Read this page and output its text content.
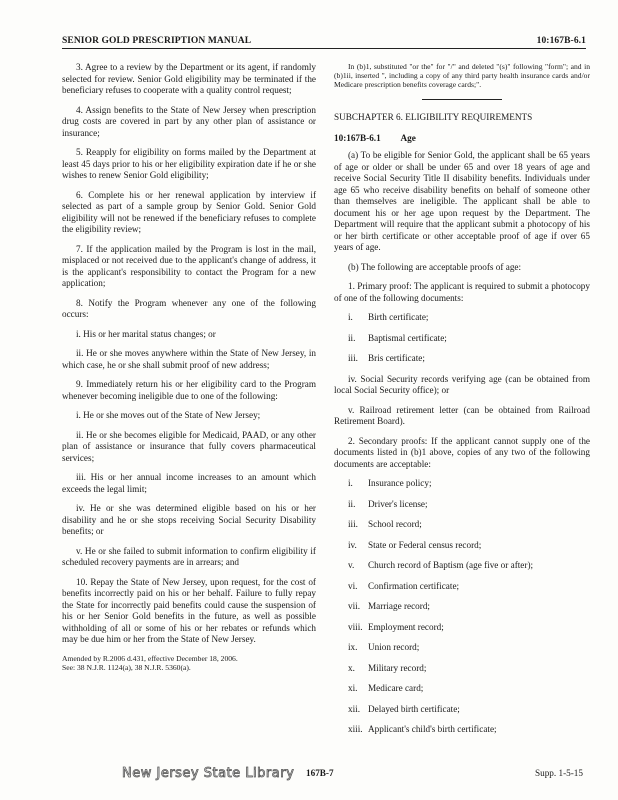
SENIOR GOLD PRESCRIPTION MANUAL	10:167B-6.1

3. Agree to a review by the Department or its agent, if randomly selected for review. Senior Gold eligibility may be terminated if the beneficiary refuses to cooperate with a quality control request;

4. Assign benefits to the State of New Jersey when prescription drug costs are covered in part by any other plan of assistance or insurance;

5. Reapply for eligibility on forms mailed by the Department at least 45 days prior to his or her eligibility expiration date if he or she wishes to renew Senior Gold eligibility;

6. Complete his or her renewal application by interview if selected as part of a sample group by Senior Gold. Senior Gold eligibility will not be renewed if the beneficiary refuses to complete the eligibility review;

7. If the application mailed by the Program is lost in the mail, misplaced or not received due to the applicant's change of address, it is the applicant's responsibility to contact the Program for a new application;

8. Notify the Program whenever any one of the following occurs:

i. His or her marital status changes; or

ii. He or she moves anywhere within the State of New Jersey, in which case, he or she shall submit proof of new address;

9. Immediately return his or her eligibility card to the Program whenever becoming ineligible due to one of the following:

i. He or she moves out of the State of New Jersey;

ii. He or she becomes eligible for Medicaid, PAAD, or any other plan of assistance or insurance that fully covers pharmaceutical services;

iii. His or her annual income increases to an amount which exceeds the legal limit;

iv. He or she was determined eligible based on his or her disability and he or she stops receiving Social Security Disability benefits; or

v. He or she failed to submit information to confirm eligibility if scheduled recovery payments are in arrears; and

10. Repay the State of New Jersey, upon request, for the cost of benefits incorrectly paid on his or her behalf. Failure to fully repay the State for incorrectly paid benefits could cause the suspension of his or her Senior Gold benefits in the future, as well as possible withholding of all or some of his or her rebates or refunds which may be due him or her from the State of New Jersey.

Amended by R.2006 d.431, effective December 18, 2006.
See: 38 N.J.R. 1124(a), 38 N.J.R. 5360(a).

In (b)1, substituted "or the" for "/" and deleted "(s)" following "form"; and in (b)1ii, inserted ", including a copy of any third party health insurance cards and/or Medicare prescription benefits coverage cards;".

SUBCHAPTER 6. ELIGIBILITY REQUIREMENTS
10:167B-6.1 Age

(a) To be eligible for Senior Gold, the applicant shall be 65 years of age or older or shall be under 65 and over 18 years of age and receive Social Security Title II disability benefits. Individuals under age 65 who receive disability benefits on behalf of someone other than themselves are ineligible. The applicant shall be able to document his or her age upon request by the Department. The Department will require that the applicant submit a photocopy of his or her birth certificate or other acceptable proof of age if over 65 years of age.

(b) The following are acceptable proofs of age:

1. Primary proof: The applicant is required to submit a photocopy of one of the following documents:

i.	Birth certificate;
ii.	Baptismal certificate;
iii.	Bris certificate;

iv. Social Security records verifying age (can be obtained from local Social Security office); or

v. Railroad retirement letter (can be obtained from Railroad Retirement Board).

2. Secondary proofs: If the applicant cannot supply one of the documents listed in (b)1 above, copies of any two of the following documents are acceptable:

i.	Insurance policy;
ii.	Driver's license;
iii.	School record;
iv.	State or Federal census record;
v.	Church record of Baptism (age five or after);
vi.	Confirmation certificate;
vii. Marriage record;
viii. Employment record;
ix.	Union record;
x.	Military record;
xi.	Medicare card;
xii. Delayed birth certificate;
xiii. Applicant's child's birth certificate;
New Jersey State Library 167B-7	Supp. 1-5-15
